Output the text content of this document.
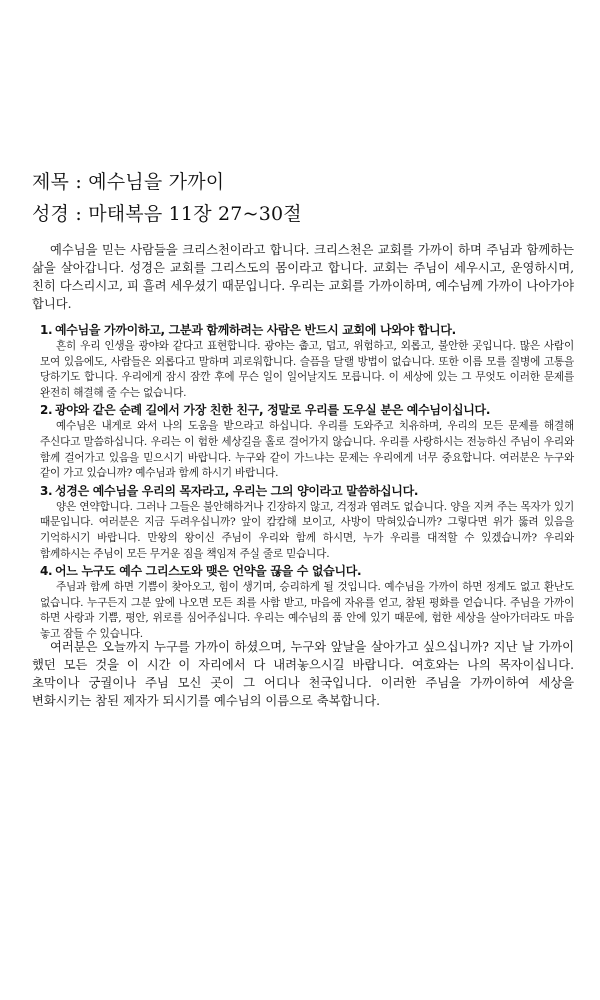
제목 : 예수님을 가까이
성경 : 마태복음 11장 27~30절

예수님을 믿는 사람들을 크리스천이라고 합니다. 크리스천은 교회를 가까이 하며 주님과 함께하는 삶을 살아갑니다. 성경은 교회를 그리스도의 몸이라고 합니다. 교회는 주님이 세우시고, 운영하시며, 친히 다스리시고, 피 흘려 세우셨기 때문입니다. 우리는 교회를 가까이하며, 예수님께 가까이 나아가야 합니다.

1. 예수님을 가까이하고, 그분과 함께하려는 사람은 반드시 교회에 나와야 합니다.

흔히 우리 인생을 광야와 같다고 표현합니다. 광야는 춥고, 덥고, 위험하고, 외롭고, 불안한 곳입니다. 많은 사람이 모여 있음에도, 사람들은 외롭다고 말하며 괴로워합니다. 슬픔을 달랠 방법이 없습니다. 또한 이름 모를 질병에 고통을 당하기도 합니다. 우리에게 잠시 잠깐 후에 무슨 일이 일어날지도 모릅니다. 이 세상에 있는 그 무엇도 이러한 문제를 완전히 해결해 줄 수는 없습니다.

2. 광야와 같은 순례 길에서 가장 친한 친구, 정말로 우리를 도우실 분은 예수님이십니다.

예수님은 내게로 와서 나의 도움을 받으라고 하십니다. 우리를 도와주고 치유하며, 우리의 모든 문제를 해결해 주신다고 말씀하십니다. 우리는 이 험한 세상길을 홀로 걸어가지 않습니다. 우리를 사랑하시는 전능하신 주님이 우리와 함께 걸어가고 있음을 믿으시기 바랍니다. 누구와 같이 가느냐는 문제는 우리에게 너무 중요합니다. 여러분은 누구와 같이 가고 있습니까? 예수님과 함께 하시기 바랍니다.

3. 성경은 예수님을 우리의 목자라고, 우리는 그의 양이라고 말씀하십니다.

양은 연약합니다. 그러나 그들은 불안해하거나 긴장하지 않고, 걱정과 염려도 없습니다. 양을 지켜 주는 목자가 있기 때문입니다. 여러분은 지금 두려우십니까? 앞이 캄캄해 보이고, 사방이 막혀있습니까? 그렇다면 위가 뚫려 있음을 기억하시기 바랍니다. 만왕의 왕이신 주님이 우리와 함께 하시면, 누가 우리를 대적할 수 있겠습니까? 우리와 함께하시는 주님이 모든 무거운 짐을 책임져 주실 줄로 믿습니다.

4. 어느 누구도 예수 그리스도와 맺은 언약을 끊을 수 없습니다.

주님과 함께 하면 기쁨이 찾아오고, 힘이 생기며, 승리하게 될 것입니다. 예수님을 가까이 하면 정계도 없고 환난도 없습니다. 누구든지 그분 앞에 나오면 모든 죄를 사함 받고, 마음에 자유를 얻고, 참된 평화를 얻습니다. 주님을 가까이 하면 사랑과 기쁨, 평안, 위로를 심어주십니다. 우리는 예수님의 품 안에 있기 때문에, 험한 세상을 살아가더라도 마음 놓고 잠들 수 있습니다.

여러분은 오늘까지 누구를 가까이 하셨으며, 누구와 앞날을 살아가고 싶으십니까? 지난 날 가까이 했던 모든 것을 이 시간 이 자리에서 다 내려놓으시길 바랍니다. 여호와는 나의 목자이십니다. 초막이나 궁궐이나 주님 모신 곳이 그 어디나 천국입니다. 이러한 주님을 가까이하여 세상을 변화시키는 참된 제자가 되시기를 예수님의 이름으로 축복합니다.
